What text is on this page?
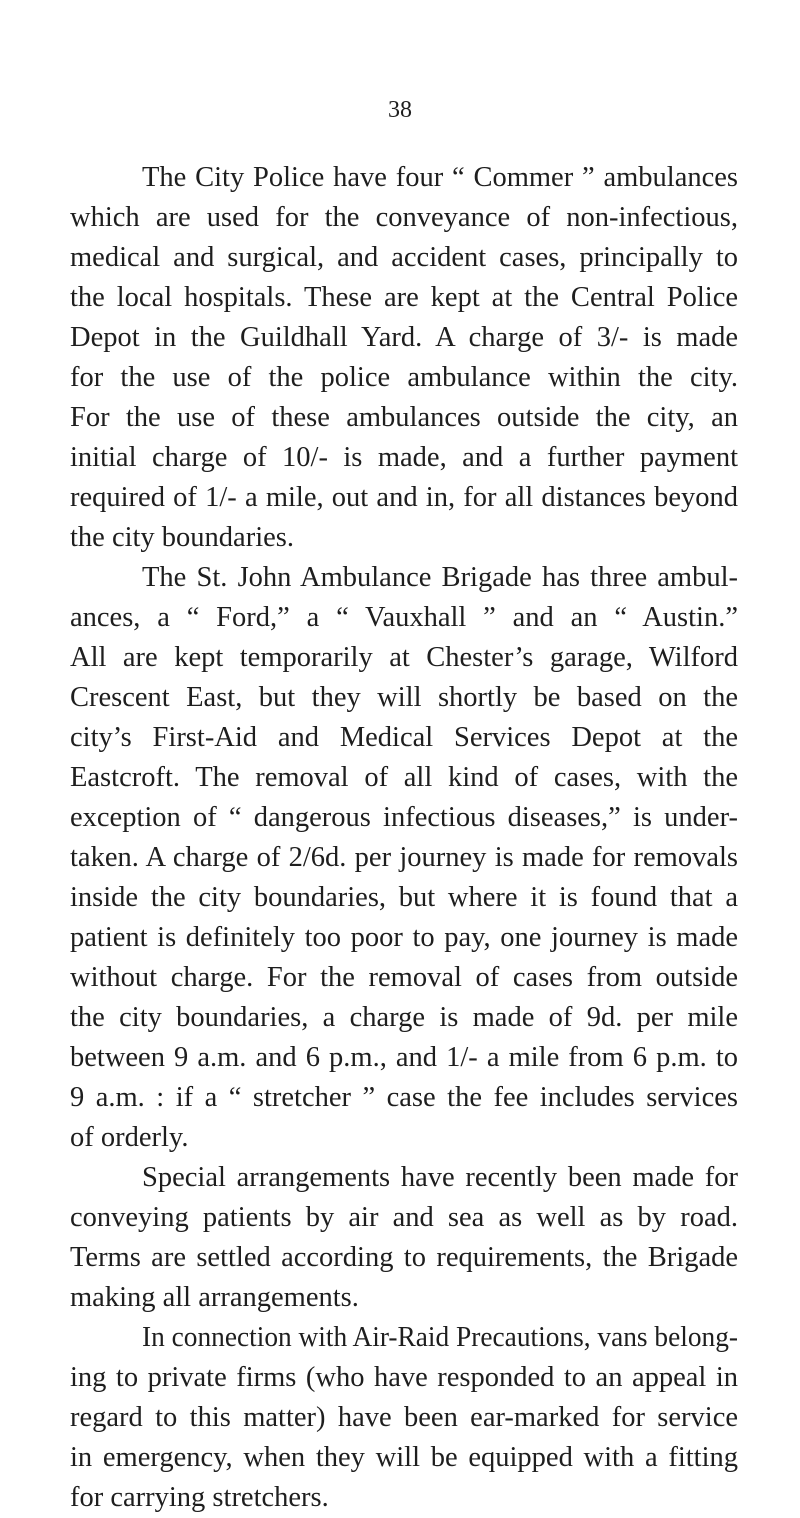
38
The City Police have four “ Commer ” ambulances
which are used for the conveyance of non-infectious,
medical and surgical, and accident cases, principally to
the local hospitals. These are kept at the Central Police
Depot in the Guildhall Yard. A charge of 3/- is made
for the use of the police ambulance within the city.
For the use of these ambulances outside the city, an
initial charge of 10/- is made, and a further payment
required of 1/- a mile, out and in, for all distances beyond
the city boundaries.
The St. John Ambulance Brigade has three ambul-
ances, a “ Ford,” a “ Vauxhall ” and an “ Austin.”
All are kept temporarily at Chester’s garage, Wilford
Crescent East, but they will shortly be based on the
city’s First-Aid and Medical Services Depot at the
Eastcroft. The removal of all kind of cases, with the
exception of “ dangerous infectious diseases,” is under-
taken. A charge of 2/6d. per journey is made for removals
inside the city boundaries, but where it is found that a
patient is definitely too poor to pay, one journey is made
without charge. For the removal of cases from outside
the city boundaries, a charge is made of 9d. per mile
between 9 a.m. and 6 p.m., and 1/- a mile from 6 p.m. to
9 a.m. : if a “ stretcher ” case the fee includes services
of orderly.
Special arrangements have recently been made for
conveying patients by air and sea as well as by road.
Terms are settled according to requirements, the Brigade
making all arrangements.
In connection with Air-Raid Precautions, vans belong-
ing to private firms (who have responded to an appeal in
regard to this matter) have been ear-marked for service
in emergency, when they will be equipped with a fitting
for carrying stretchers.
